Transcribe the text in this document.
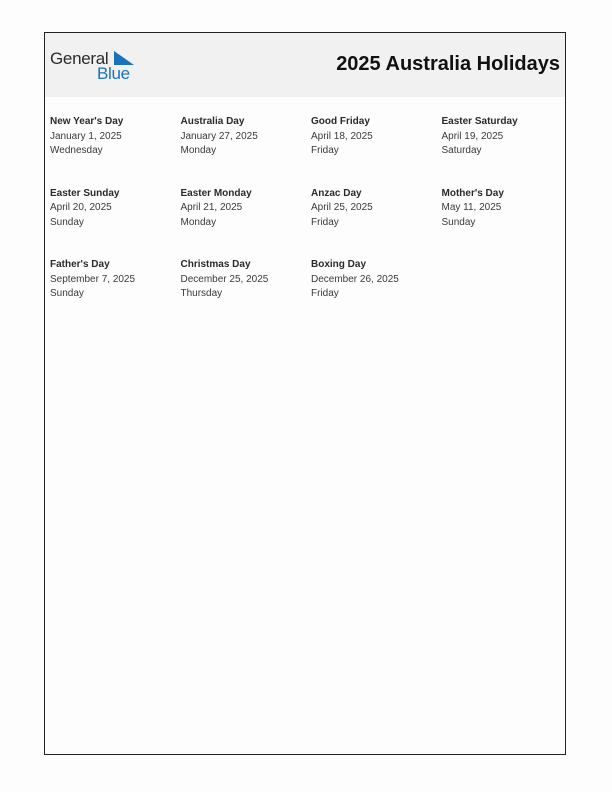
General
Blue	2025 Australia Holidays
New Year's Day
January 1, 2025
Wednesday
Australia Day
January 27, 2025
Monday
Good Friday
April 18, 2025
Friday
Easter Saturday
April 19, 2025
Saturday
Easter Sunday
April 20, 2025
Sunday
Easter Monday
April 21, 2025
Monday
Anzac Day
April 25, 2025
Friday
Mother's Day
May 11, 2025
Sunday
Father's Day
September 7, 2025
Sunday
Christmas Day
December 25, 2025
Thursday
Boxing Day
December 26, 2025
Friday
